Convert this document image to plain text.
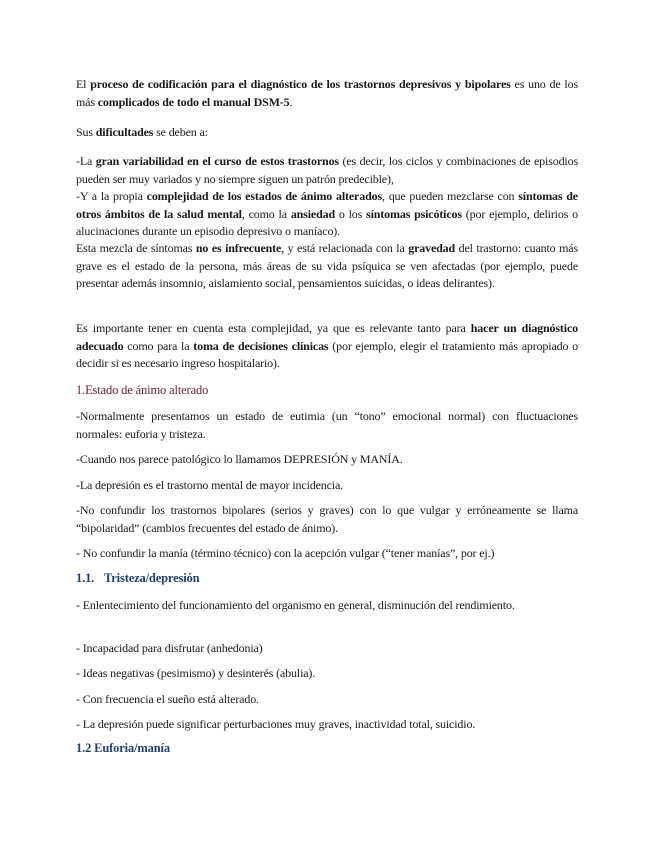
El proceso de codificación para el diagnóstico de los trastornos depresivos y bipolares es uno de los más complicados de todo el manual DSM-5.

Sus dificultades se deben a:

-La gran variabilidad en el curso de estos trastornos (es decir, los ciclos y combinaciones de episodios pueden ser muy variados y no siempre siguen un patrón predecible),

-Y a la propia complejidad de los estados de ánimo alterados, que pueden mezclarse con síntomas de otros ámbitos de la salud mental, como la ansiedad o los síntomas psicóticos (por ejemplo, delirios o alucinaciones durante un episodio depresivo o maníaco).

Esta mezcla de síntomas no es infrecuente, y está relacionada con la gravedad del trastorno: cuanto más grave es el estado de la persona, más áreas de su vida psíquica se ven afectadas (por ejemplo, puede presentar además insomnio, aislamiento social, pensamientos suicidas, o ideas delirantes).

Es importante tener en cuenta esta complejidad, ya que es relevante tanto para hacer un diagnóstico adecuado como para la toma de decisiones clínicas (por ejemplo, elegir el tratamiento más apropiado o decidir si es necesario ingreso hospitalario).

1.Estado de ánimo alterado

-Normalmente presentamos un estado de eutimia (un “tono” emocional normal) con fluctuaciones normales: euforia y tristeza.

-Cuando nos parece patológico lo llamamos DEPRESIÓN y MANÍA.

-La depresión es el trastorno mental de mayor incidencia.

-No confundir los trastornos bipolares (serios y graves) con lo que vulgar y erróneamente se llama “bipolaridad” (cambios frecuentes del estado de ánimo).

- No confundir la manía (término técnico) con la acepción vulgar (“tener manías”, por ej.)

1.1. Tristeza/depresión

- Enlentecimiento del funcionamiento del organismo en general, disminución del rendimiento.

- Incapacidad para disfrutar (anhedonia)

- Ideas negativas (pesimismo) y desinterés (abulia).

- Con frecuencia el sueño está alterado.

- La depresión puede significar perturbaciones muy graves, inactividad total, suicidio.

1.2 Euforia/manía
